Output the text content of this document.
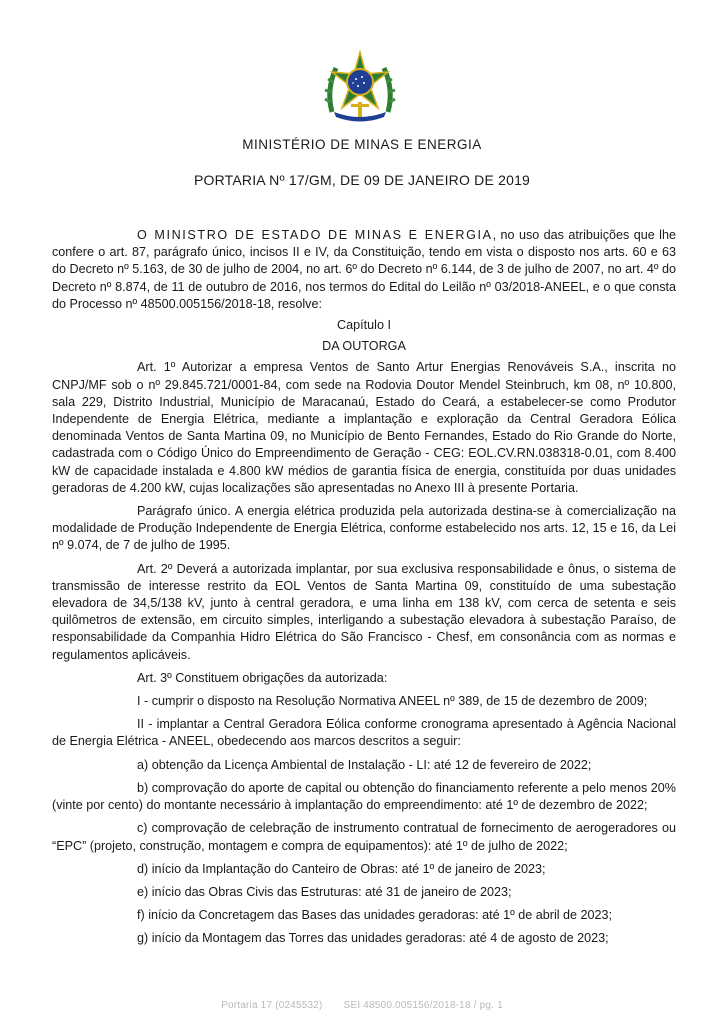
MINISTÉRIO DE MINAS E ENERGIA
PORTARIA Nº 17/GM, DE 09 DE JANEIRO DE 2019

O MINISTRO DE ESTADO DE MINAS E ENERGIA, no uso das atribuições que lhe confere o art. 87, parágrafo único, incisos II e IV, da Constituição, tendo em vista o disposto nos arts. 60 e 63 do Decreto nº 5.163, de 30 de julho de 2004, no art. 6º do Decreto nº 6.144, de 3 de julho de 2007, no art. 4º do Decreto nº 8.874, de 11 de outubro de 2016, nos termos do Edital do Leilão nº 03/2018-ANEEL, e o que consta do Processo nº 48500.005156/2018-18, resolve:

Capítulo I

DA OUTORGA

Art. 1º Autorizar a empresa Ventos de Santo Artur Energias Renováveis S.A., inscrita no CNPJ/MF sob o nº 29.845.721/0001-84, com sede na Rodovia Doutor Mendel Steinbruch, km 08, nº 10.800, sala 229, Distrito Industrial, Município de Maracanaú, Estado do Ceará, a estabelecer-se como Produtor Independente de Energia Elétrica, mediante a implantação e exploração da Central Geradora Eólica denominada Ventos de Santa Martina 09, no Município de Bento Fernandes, Estado do Rio Grande do Norte, cadastrada com o Código Único do Empreendimento de Geração - CEG: EOL.CV.RN.038318-0.01, com 8.400 kW de capacidade instalada e 4.800 kW médios de garantia física de energia, constituída por duas unidades geradoras de 4.200 kW, cujas localizações são apresentadas no Anexo III à presente Portaria.

Parágrafo único. A energia elétrica produzida pela autorizada destina-se à comercialização na modalidade de Produção Independente de Energia Elétrica, conforme estabelecido nos arts. 12, 15 e 16, da Lei nº 9.074, de 7 de julho de 1995.

Art. 2º Deverá a autorizada implantar, por sua exclusiva responsabilidade e ônus, o sistema de transmissão de interesse restrito da EOL Ventos de Santa Martina 09, constituído de uma subestação elevadora de 34,5/138 kV, junto à central geradora, e uma linha em 138 kV, com cerca de setenta e seis quilômetros de extensão, em circuito simples, interligando a subestação elevadora à subestação Paraíso, de responsabilidade da Companhia Hidro Elétrica do São Francisco - Chesf, em consonância com as normas e regulamentos aplicáveis.

Art. 3º Constituem obrigações da autorizada:

I - cumprir o disposto na Resolução Normativa ANEEL nº 389, de 15 de dezembro de 2009;

II - implantar a Central Geradora Eólica conforme cronograma apresentado à Agência Nacional de Energia Elétrica - ANEEL, obedecendo aos marcos descritos a seguir:

a) obtenção da Licença Ambiental de Instalação - LI: até 12 de fevereiro de 2022;

b) comprovação do aporte de capital ou obtenção do financiamento referente a pelo menos 20% (vinte por cento) do montante necessário à implantação do empreendimento: até 1º de dezembro de 2022;

c) comprovação de celebração de instrumento contratual de fornecimento de aerogeradores ou “EPC” (projeto, construção, montagem e compra de equipamentos): até 1º de julho de 2022;

d) início da Implantação do Canteiro de Obras: até 1º de janeiro de 2023;

e) início das Obras Civis das Estruturas: até 31 de janeiro de 2023;

f) início da Concretagem das Bases das unidades geradoras: até 1º de abril de 2023;

g) início da Montagem das Torres das unidades geradoras: até 4 de agosto de 2023;

Portaria 17 (0245532) SEI 48500.005156/2018-18 / pg. 1
